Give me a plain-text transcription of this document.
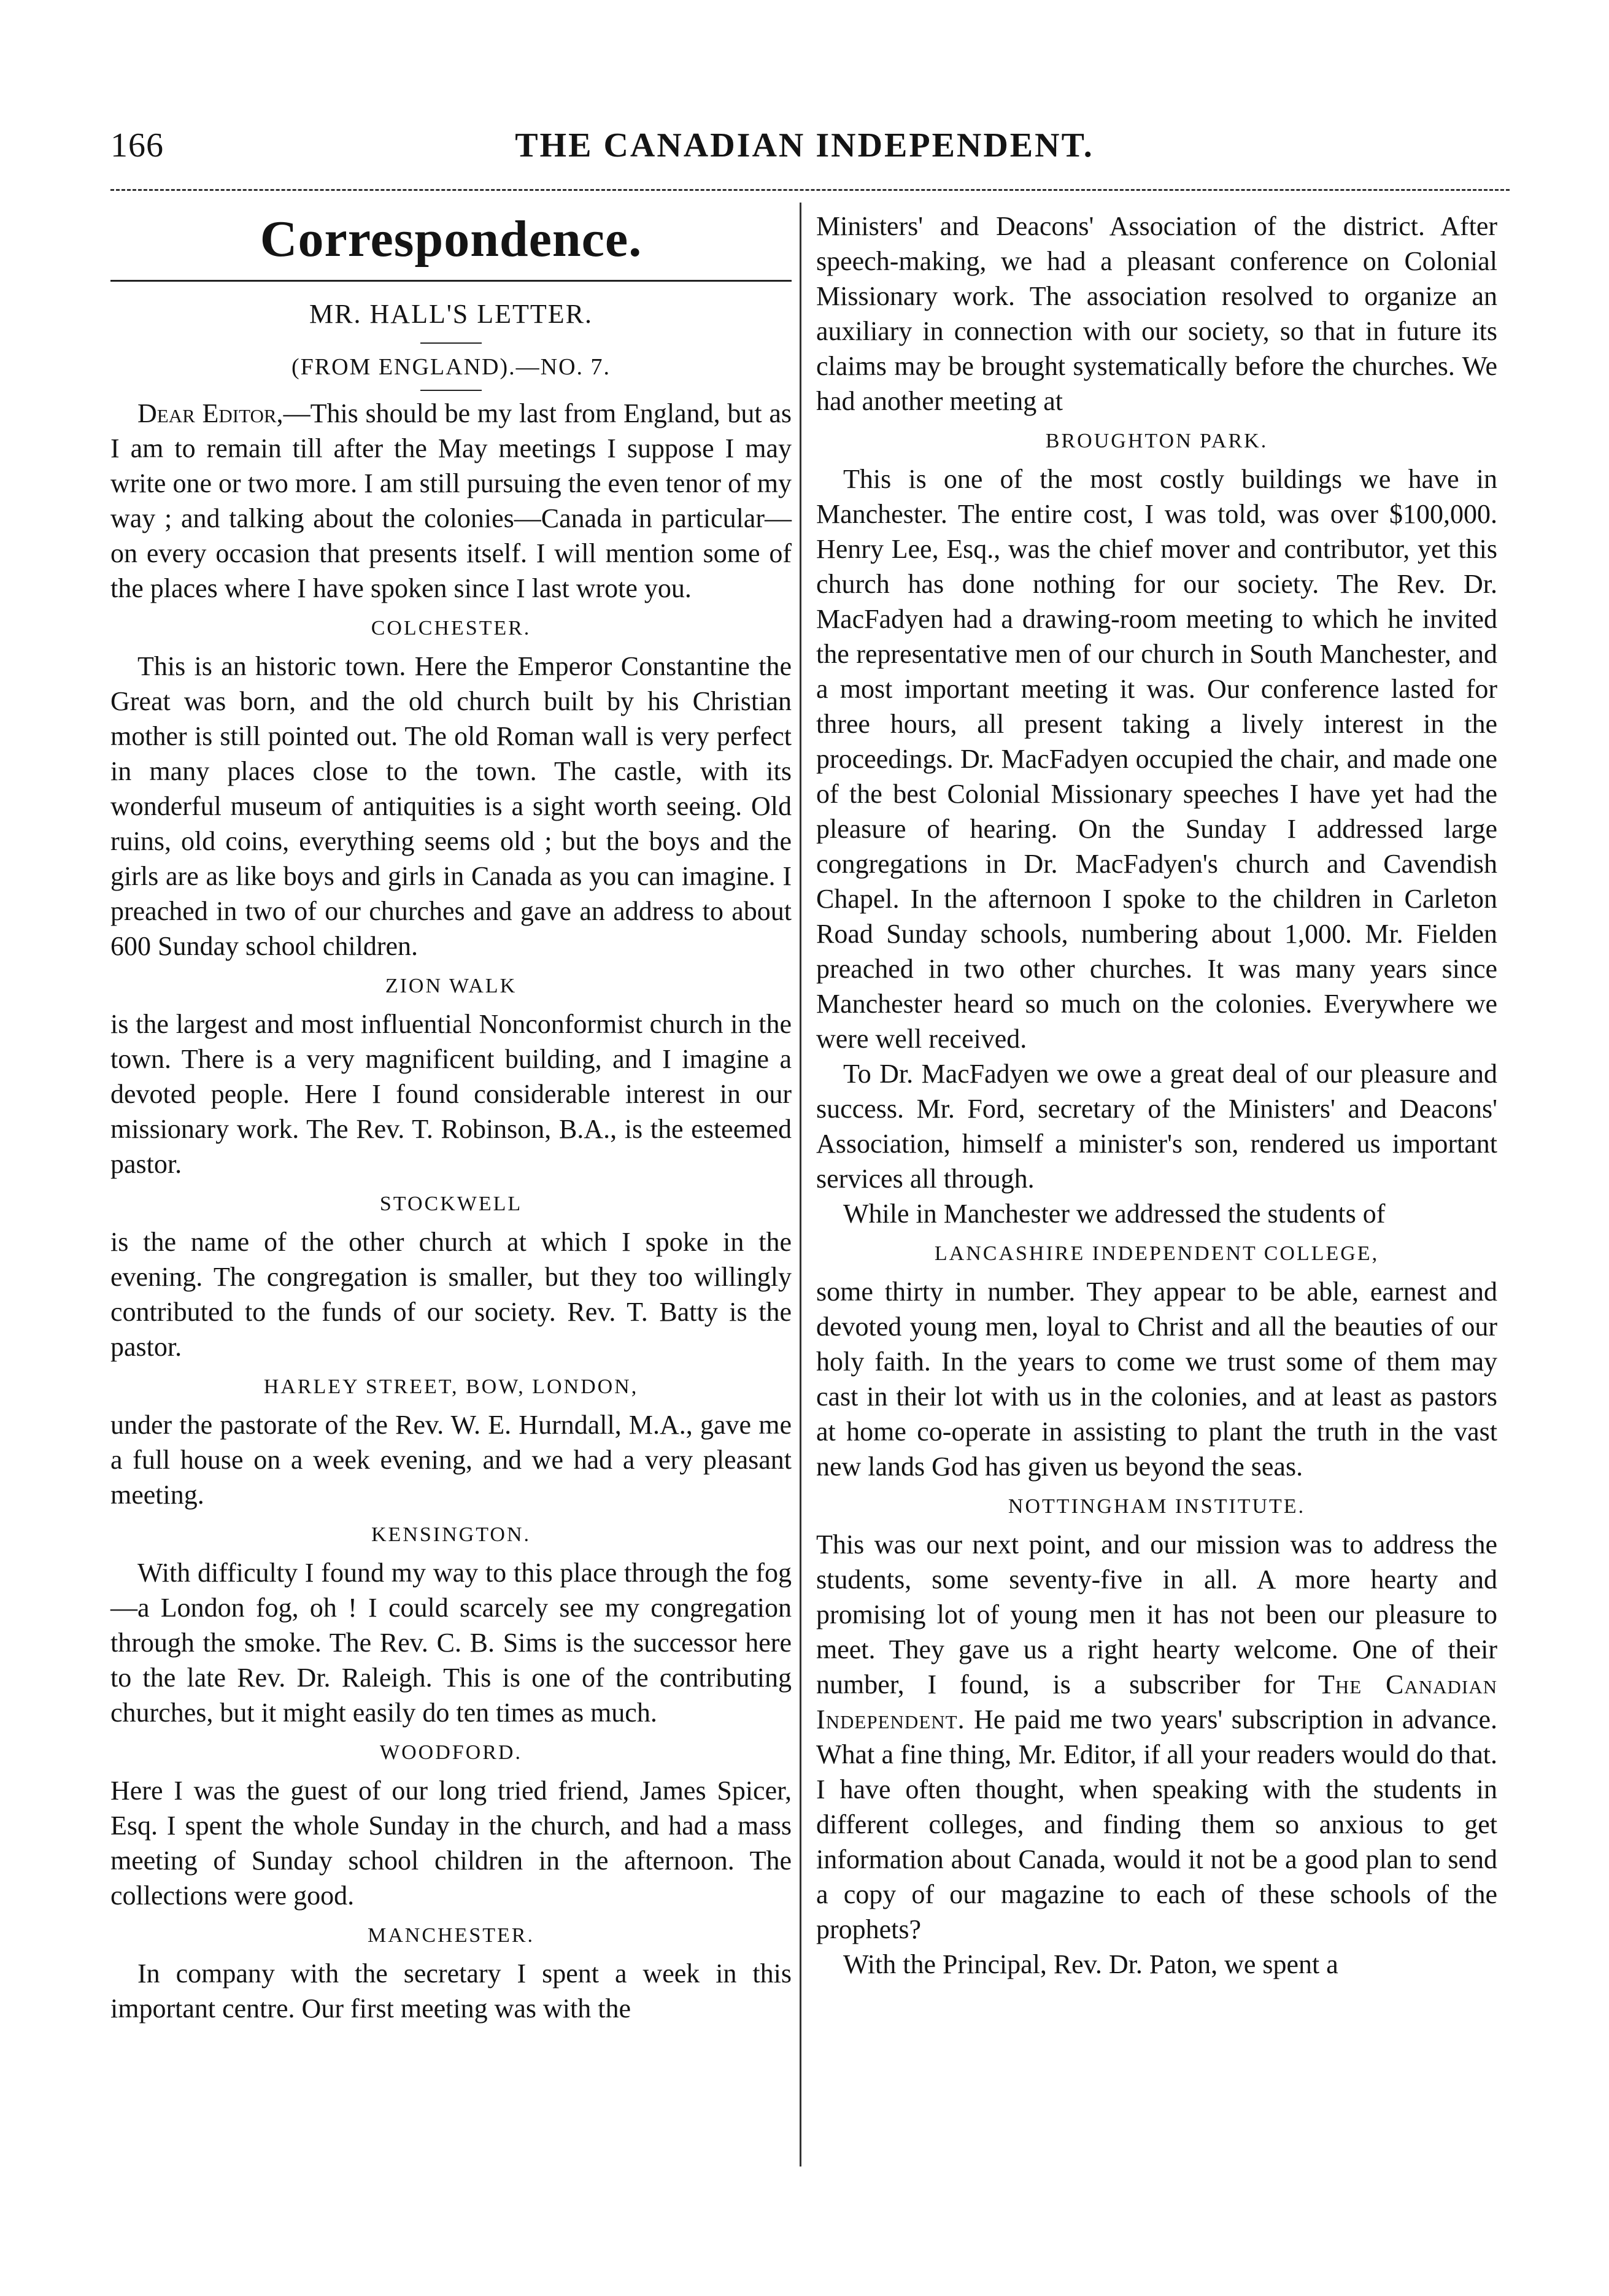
166	THE CANADIAN INDEPENDENT.
Correspondence.
MR. HALL'S LETTER.
(FROM ENGLAND).—NO. 7.

Dear Editor,—This should be my last from England, but as I am to remain till after the May meetings I suppose I may write one or two more. I am still pursuing the even tenor of my way ; and talking about the colonies—Canada in particular—on every occasion that presents itself. I will mention some of the places where I have spoken since I last wrote you.

COLCHESTER.

This is an historic town. Here the Emperor Constantine the Great was born, and the old church built by his Christian mother is still pointed out. The old Roman wall is very perfect in many places close to the town. The castle, with its wonderful museum of antiquities is a sight worth seeing. Old ruins, old coins, everything seems old ; but the boys and the girls are as like boys and girls in Canada as you can imagine. I preached in two of our churches and gave an address to about 600 Sunday school children.

ZION WALK

is the largest and most influential Nonconformist church in the town. There is a very magnificent building, and I imagine a devoted people. Here I found considerable interest in our missionary work. The Rev. T. Robinson, B.A., is the esteemed pastor.

STOCKWELL

is the name of the other church at which I spoke in the evening. The congregation is smaller, but they too willingly contributed to the funds of our society. Rev. T. Batty is the pastor.

HARLEY STREET, BOW, LONDON,

under the pastorate of the Rev. W. E. Hurndall, M.A., gave me a full house on a week evening, and we had a very pleasant meeting.

KENSINGTON.

With difficulty I found my way to this place through the fog—a London fog, oh ! I could scarcely see my congregation through the smoke. The Rev. C. B. Sims is the successor here to the late Rev. Dr. Raleigh. This is one of the contributing churches, but it might easily do ten times as much.

WOODFORD.

Here I was the guest of our long tried friend, James Spicer, Esq. I spent the whole Sunday in the church, and had a mass meeting of Sunday school children in the afternoon. The collections were good.

MANCHESTER.

In company with the secretary I spent a week in this important centre. Our first meeting was with the

Ministers' and Deacons' Association of the district. After speech-making, we had a pleasant conference on Colonial Missionary work. The association resolved to organize an auxiliary in connection with our society, so that in future its claims may be brought systematically before the churches. We had another meeting at

BROUGHTON PARK.

This is one of the most costly buildings we have in Manchester. The entire cost, I was told, was over $100,000. Henry Lee, Esq., was the chief mover and contributor, yet this church has done nothing for our society. The Rev. Dr. MacFadyen had a drawing-room meeting to which he invited the representative men of our church in South Manchester, and a most important meeting it was. Our conference lasted for three hours, all present taking a lively interest in the proceedings. Dr. MacFadyen occupied the chair, and made one of the best Colonial Missionary speeches I have yet had the pleasure of hearing. On the Sunday I addressed large congregations in Dr. MacFadyen's church and Cavendish Chapel. In the afternoon I spoke to the children in Carleton Road Sunday schools, numbering about 1,000. Mr. Fielden preached in two other churches. It was many years since Manchester heard so much on the colonies. Everywhere we were well received.

To Dr. MacFadyen we owe a great deal of our pleasure and success. Mr. Ford, secretary of the Ministers' and Deacons' Association, himself a minister's son, rendered us important services all through.

While in Manchester we addressed the students of

LANCASHIRE INDEPENDENT COLLEGE,

some thirty in number. They appear to be able, earnest and devoted young men, loyal to Christ and all the beauties of our holy faith. In the years to come we trust some of them may cast in their lot with us in the colonies, and at least as pastors at home co-operate in assisting to plant the truth in the vast new lands God has given us beyond the seas.

NOTTINGHAM INSTITUTE.

This was our next point, and our mission was to address the students, some seventy-five in all. A more hearty and promising lot of young men it has not been our pleasure to meet. They gave us a right hearty welcome. One of their number, I found, is a subscriber for The Canadian Independent. He paid me two years' subscription in advance. What a fine thing, Mr. Editor, if all your readers would do that. I have often thought, when speaking with the students in different colleges, and finding them so anxious to get information about Canada, would it not be a good plan to send a copy of our magazine to each of these schools of the prophets?

With the Principal, Rev. Dr. Paton, we spent a
